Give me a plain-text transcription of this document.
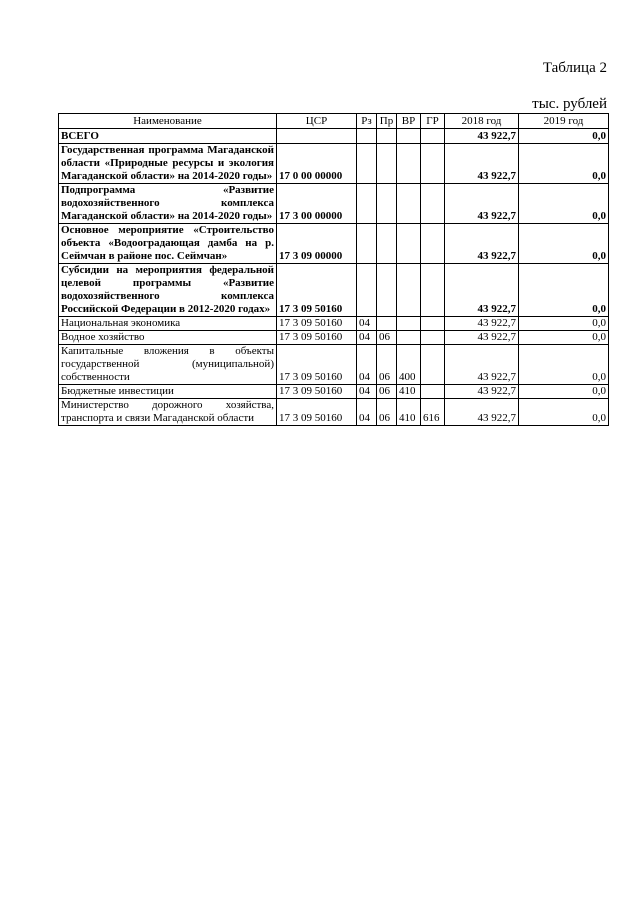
Таблица 2
тыс. рублей
Наименование	ЦСР	Рз	Пр	ВР	ГР	2018 год	2019 год
ВСЕГО						43 922,7	0,0
Государственная программа Магаданской области «Природные ресурсы и экология Магаданской области» на 2014-2020 годы»	17 0 00 00000					43 922,7	0,0
Подпрограмма «Развитие водохозяйственного комплекса Магаданской области» на 2014-2020 годы»	17 3 00 00000					43 922,7	0,0
Основное мероприятие «Строительство объекта «Водооградающая дамба на р. Сеймчан в районе пос. Сеймчан»	17 3 09 00000					43 922,7	0,0
Субсидии на мероприятия федеральной целевой программы «Развитие водохозяйственного комплекса Российской Федерации в 2012-2020 годах»	17 3 09 50160					43 922,7	0,0
Национальная экономика	17 3 09 50160	04				43 922,7	0,0
Водное хозяйство	17 3 09 50160	04	06			43 922,7	0,0
Капитальные вложения в объекты государственной (муниципальной) собственности	17 3 09 50160	04	06	400		43 922,7	0,0
Бюджетные инвестиции	17 3 09 50160	04	06	410		43 922,7	0,0
Министерство дорожного хозяйства, транспорта и связи Магаданской области	17 3 09 50160	04	06	410	616	43 922,7	0,0
